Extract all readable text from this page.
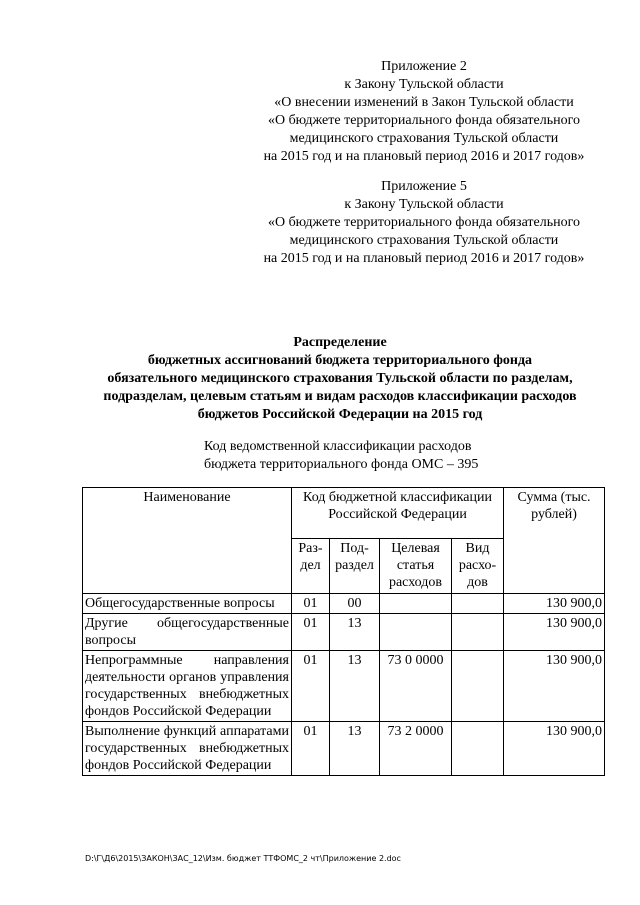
Приложение 2
к Закону Тульской области
«О внесении изменений в Закон Тульской области
«О бюджете территориального фонда обязательного
медицинского страхования Тульской области
на 2015 год и на плановый период 2016 и 2017 годов»
Приложение 5
к Закону Тульской области
«О бюджете территориального фонда обязательного
медицинского страхования Тульской области
на 2015 год и на плановый период 2016 и 2017 годов»
Распределение
бюджетных ассигнований бюджета территориального фонда
обязательного медицинского страхования Тульской области по разделам,
подразделам, целевым статьям и видам расходов классификации расходов
бюджетов Российской Федерации на 2015 год
Код ведомственной классификации расходов
бюджета территориального фонда ОМС – 395
Наименование	Код бюджетной классификации Российской Федерации				Сумма (тыс. рублей)
	Раз-дел	Под-раздел	Целевая статья расходов	Вид расхо-дов	
Общегосударственные вопросы	01	00			130 900,0
Другие общегосударственные вопросы	01	13			130 900,0
Непрограммные направления деятельности органов управления государственных внебюджетных фондов Российской Федерации	01	13	73 0 0000		130 900,0
Выполнение функций аппаратами государственных внебюджетных фондов Российской Федерации	01	13	73 2 0000		130 900,0
D:\Г\Д6\2015\ЗАКОН\ЗАС_12\Изм. бюджет ТТФОМС_2 чт\Приложение 2.doc
